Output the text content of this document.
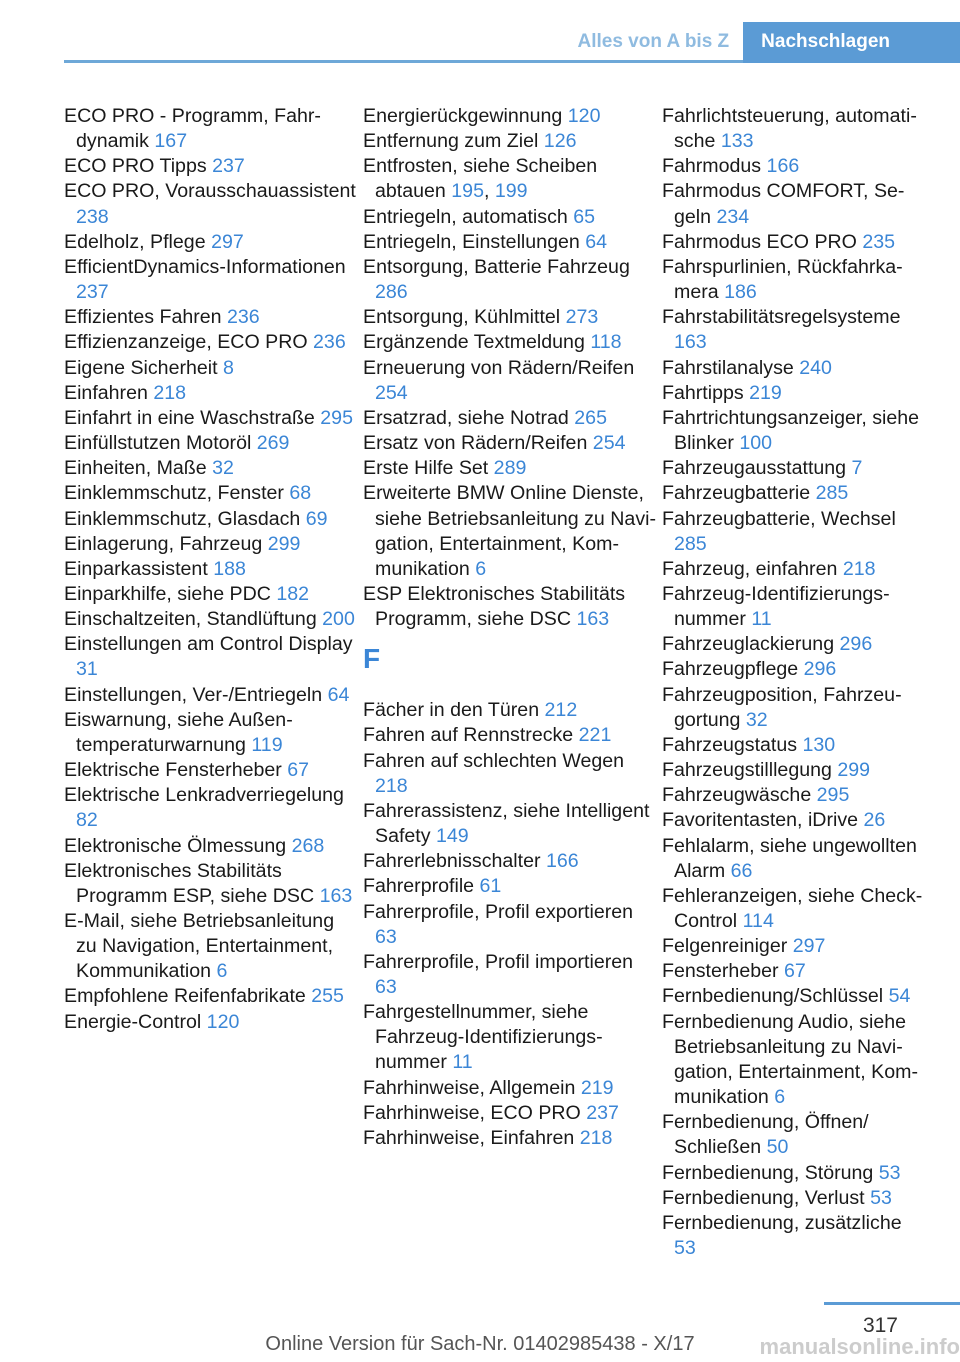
Alles von A bis Z	Nachschlagen
ECO PRO - Programm, Fahrdynamik 167
ECO PRO Tipps 237
ECO PRO, Vorausschauassistent 238
Edelholz, Pflege 297
EfficientDynamics-Informationen 237
Effizientes Fahren 236
Effizienzanzeige, ECO PRO 236
Eigene Sicherheit 8
Einfahren 218
Einfahrt in eine Waschstraße 295
Einfüllstutzen Motoröl 269
Einheiten, Maße 32
Einklemmschutz, Fenster 68
Einklemmschutz, Glasdach 69
Einlagerung, Fahrzeug 299
Einparkassistent 188
Einparkhilfe, siehe PDC 182
Einschaltzeiten, Standlüftung 200
Einstellungen am Control Display 31
Einstellungen, Ver-/Entriegeln 64
Eiswarnung, siehe Außentemperaturwarnung 119
Elektrische Fensterheber 67
Elektrische Lenkradverriegelung 82
Elektronische Ölmessung 268
Elektronisches Stabilitäts Programm ESP, siehe DSC 163
E-Mail, siehe Betriebsanleitung zu Navigation, Entertainment, Kommunikation 6
Empfohlene Reifenfabrikate 255
Energie-Control 120
Energierückgewinnung 120
Entfernung zum Ziel 126
Entfrosten, siehe Scheiben abtauen 195, 199
Entriegeln, automatisch 65
Entriegeln, Einstellungen 64
Entsorgung, Batterie Fahrzeug 286
Entsorgung, Kühlmittel 273
Ergänzende Textmeldung 118
Erneuerung von Rädern/​Reifen 254
Ersatzrad, siehe Notrad 265
Ersatz von Rädern/​Reifen 254
Erste Hilfe Set 289
Erweiterte BMW Online Dienste, siehe Betriebsanleitung zu Navigation, Entertainment, Kommunikation 6
ESP Elektronisches Stabilitäts Programm, siehe DSC 163
F
Fächer in den Türen 212
Fahren auf Rennstrecke 221
Fahren auf schlechten Wegen 218
Fahrerassistenz, siehe Intelligent Safety 149
Fahrerlebnisschalter 166
Fahrerprofile 61
Fahrerprofile, Profil exportieren 63
Fahrerprofile, Profil importieren 63
Fahrgestellnummer, siehe Fahrzeug-Identifizierungsnummer 11
Fahrhinweise, Allgemein 219
Fahrhinweise, ECO PRO 237
Fahrhinweise, Einfahren 218
Fahrlichtsteuerung, automatische 133
Fahrmodus 166
Fahrmodus COMFORT, Segeln 234
Fahrmodus ECO PRO 235
Fahrspurlinien, Rückfahrkamera 186
Fahrstabilitätsregelsysteme 163
Fahrstilanalyse 240
Fahrtipps 219
Fahrtrichtungsanzeiger, siehe Blinker 100
Fahrzeugausstattung 7
Fahrzeugbatterie 285
Fahrzeugbatterie, Wechsel 285
Fahrzeug, einfahren 218
Fahrzeug-Identifizierungsnummer 11
Fahrzeuglackierung 296
Fahrzeugpflege 296
Fahrzeugposition, Fahrzeugortung 32
Fahrzeugstatus 130
Fahrzeugstilllegung 299
Fahrzeugwäsche 295
Favoritentasten, iDrive 26
Fehlalarm, siehe ungewollten Alarm 66
Fehleranzeigen, siehe Check-Control 114
Felgenreiniger 297
Fensterheber 67
Fernbedienung/Schlüssel 54
Fernbedienung Audio, siehe Betriebsanleitung zu Navigation, Entertainment, Kommunikation 6
Fernbedienung, Öffnen/​Schließen 50
Fernbedienung, Störung 53
Fernbedienung, Verlust 53
Fernbedienung, zusätzliche 53
317
Online Version für Sach-Nr. 01402985438 - X/17	manualsonline.info
